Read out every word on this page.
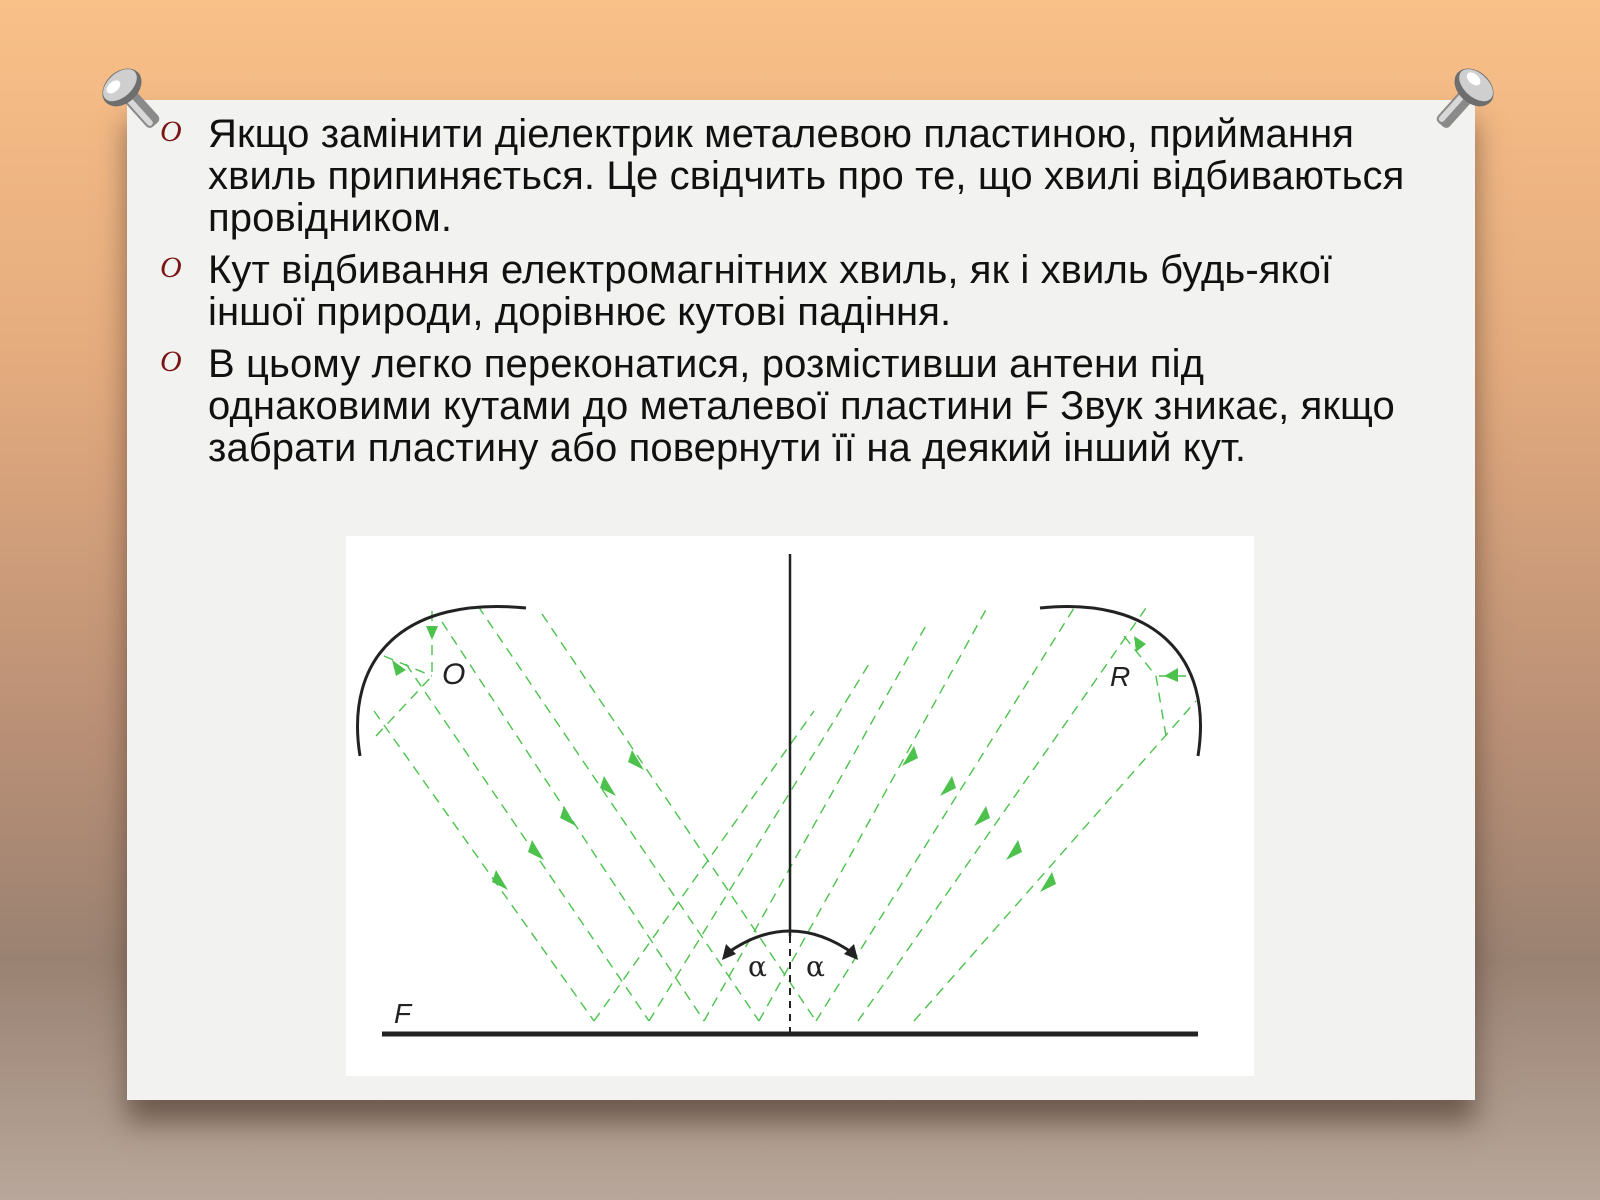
O Якщо замінити діелектрик металевою пластиною, приймання хвиль припиняється. Це свідчить про те, що хвилі відбиваються провідником.
O Кут відбивання електромагнітних хвиль, як і хвиль будь-якої іншої природи, дорівнює кутові падіння.
O В цьому легко переконатися, розмістивши антени під однаковими кутами до металевої пластини F Звук зникає, якщо забрати пластину або повернути її на деякий інший кут.
O	R
α α
F
